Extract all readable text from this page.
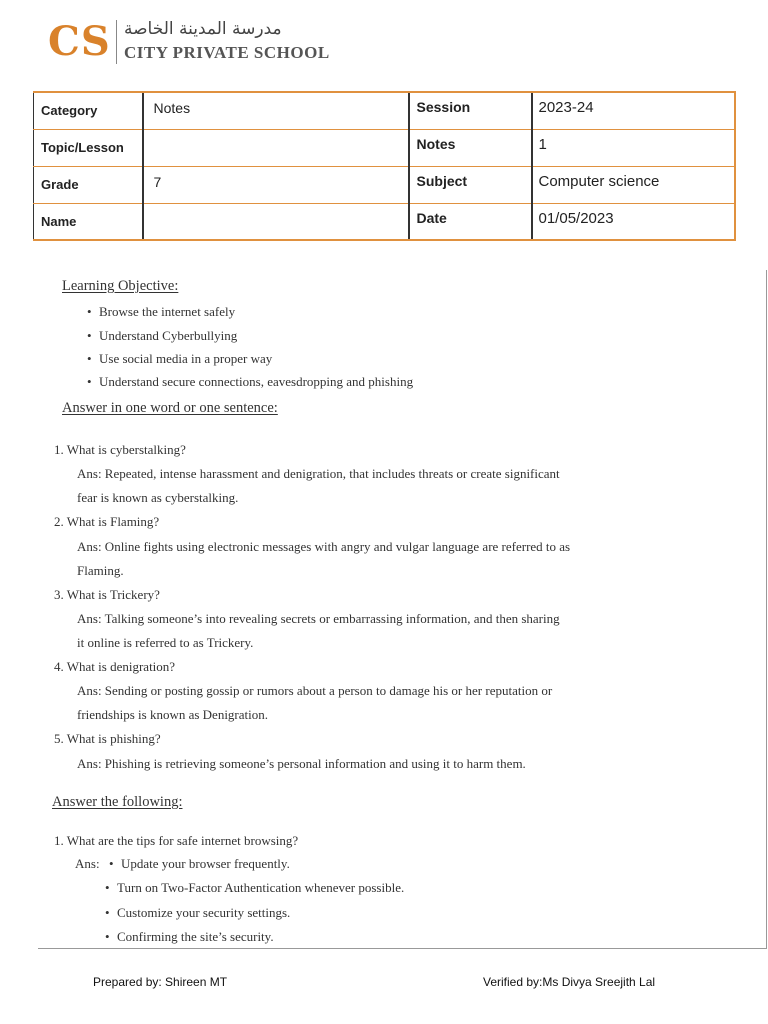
CS مدرسة المدينة الخاصة
CITY PRIVATE SCHOOL
Category	Notes	Session	2023-24
Topic/Lesson		Notes	1
Grade	7	Subject	Computer science
Name		Date	01/05/2023
Learning Objective:
• Browse the internet safely
• Understand Cyberbullying
• Use social media in a proper way
• Understand secure connections, eavesdropping and phishing
Answer in one word or one sentence:
1. What is cyberstalking?
Ans: Repeated, intense harassment and denigration, that includes threats or create significant
fear is known as cyberstalking.
2. What is Flaming?
Ans: Online fights using electronic messages with angry and vulgar language are referred to as
Flaming.
3. What is Trickery?
Ans: Talking someone’s into revealing secrets or embarrassing information, and then sharing
it online is referred to as Trickery.
4. What is denigration?
Ans: Sending or posting gossip or rumors about a person to damage his or her reputation or
friendships is known as Denigration.
5. What is phishing?
Ans: Phishing is retrieving someone’s personal information and using it to harm them.
Answer the following:
1. What are the tips for safe internet browsing?
Ans: • Update your browser frequently.
• Turn on Two-Factor Authentication whenever possible.
• Customize your security settings.
• Confirming the site’s security.
Prepared by: Shireen MT	Verified by:Ms Divya Sreejith Lal
